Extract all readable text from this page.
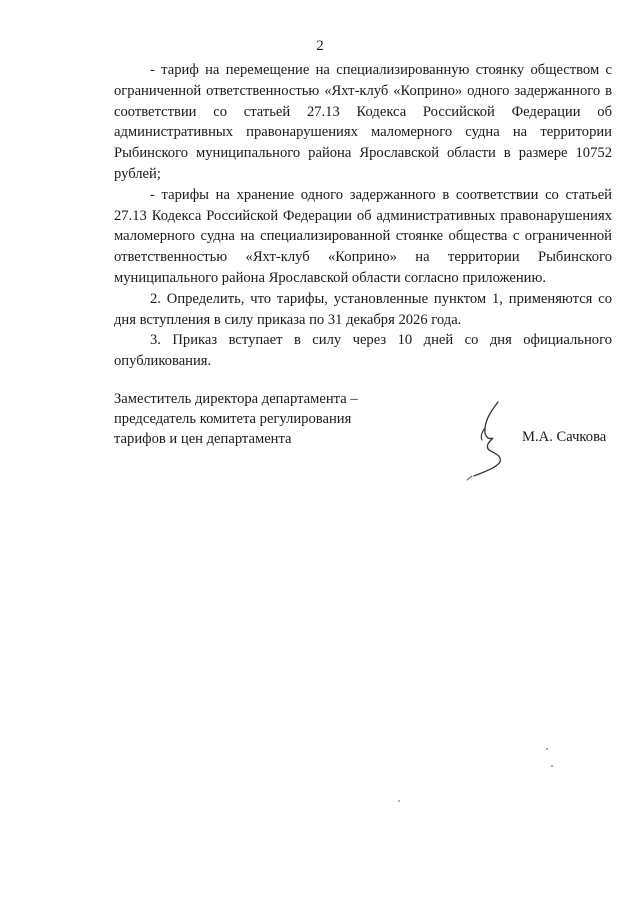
2

- тариф на перемещение на специализированную стоянку обществом с ограниченной ответственностью «Яхт-клуб «Коприно» одного задержанного в соответствии со статьей 27.13 Кодекса Российской Федерации об административных правонарушениях маломерного судна на территории Рыбинского муниципального района Ярославской области в размере 10752 рублей;

- тарифы на хранение одного задержанного в соответствии со статьей 27.13 Кодекса Российской Федерации об административных правонарушениях маломерного судна на специализированной стоянке общества с ограниченной ответственностью «Яхт-клуб «Коприно» на территории Рыбинского муниципального района Ярославской области согласно приложению.

2. Определить, что тарифы, установленные пунктом 1, применяются со дня вступления в силу приказа по 31 декабря 2026 года.

3. Приказ вступает в силу через 10 дней со дня официального опубликования.

Заместитель директора департамента –
председатель комитета регулирования
тарифов и цен департамента	М.А. Сачкова
